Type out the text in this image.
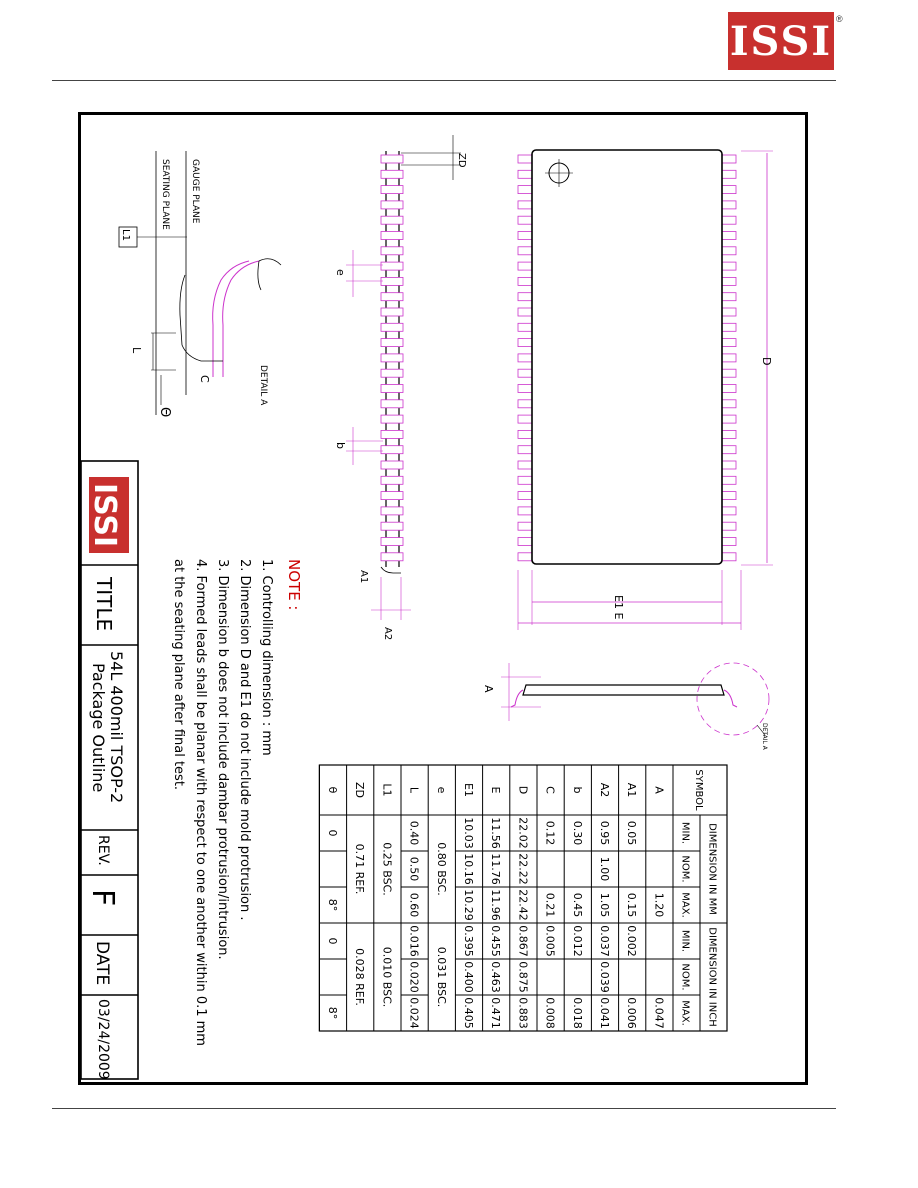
ISSI ®
D
E1 E
ZD
e
b
A1
A2
A
DETAIL A
GAUGE PLANE
SEATING PLANE
L1
L
C
Θ
DETAIL A
NOTE :
1. Controlling dimension : mm
2. Dimension D and E1 do not include mold protrusion .
3. Dimension b does not include dambar protrusion/intrusion.
4. Formed leads shall be planar with respect to one another within 0.1 mm
at the seating plane after final test.	SYMBOL
DIMENSION IN MM
DIMENSION IN INCH
MIN.
NOM.
MAX.
MIN.
NOM.
MAX.
A
1.20
0.047
A1
0.05
0.15
0.002
0.006
A2
0.95
1.00
1.05
0.037
0.039
0.041
b
0.30
0.45
0.012
0.018
C
0.12
0.21
0.005
0.008
D
22.02
22.22
22.42
0.867
0.875
0.883
E
11.56
11.76
11.96
0.455
0.463
0.471
E1
10.03
10.16
10.29
0.395
0.400
0.405
e
0.80 BSC.
0.031 BSC.
L
0.40
0.50
0.60
0.016
0.020
0.024
L1
0.25 BSC.
0.010 BSC.
ZD
0.71 REF.
0.028 REF.
θ
0
8°
0
8°
ISSI
TITLE
54L 400mil TSOP-2
Package Outline
REV.
F
DATE
03/24/2009
